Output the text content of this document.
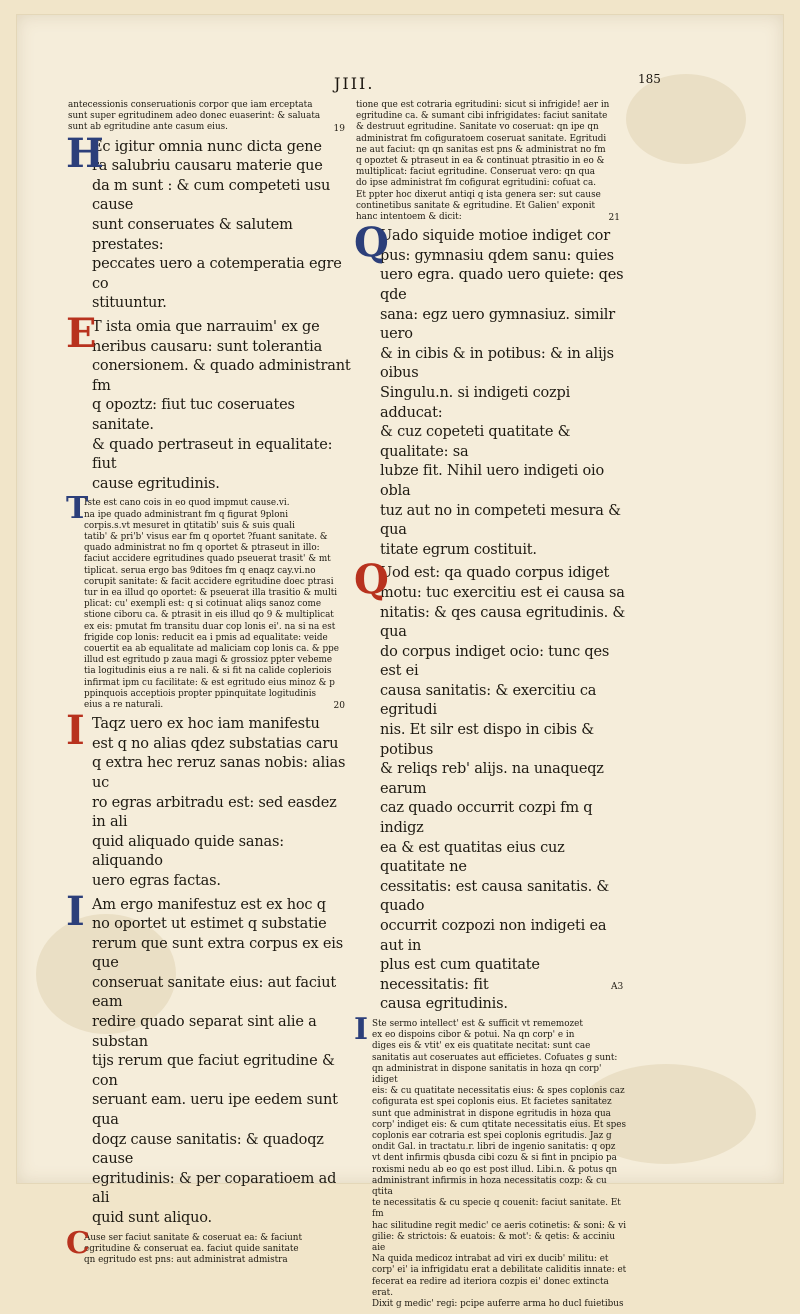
JIII.	185

antecessionis conseruationis corpor que iam erceptata
sunt super egritudinem adeo donec euaserint: & saluata
sunt ab egritudine ante casum eius.	19
H

Ec igitur omnia nunc dicta gene
ra salubriu causaru materie que
da m sunt : & cum competeti usu cause
sunt conseruates & salutem prestates:
peccates uero a cotemperatia egre co
stituuntur.

E

T ista omia que narrauim' ex ge
neribus causaru: sunt tolerantia
conersionem. & quado administrant fm
q opoztz: fiut tuc coseruates sanitate.
& quado pertraseut in equalitate: fiut
cause egritudinis.

T

Iste est cano cois in eo quod impmut cause.vi.
na ipe quado administrant fm q figurat 9ploni
corpis.s.vt mesuret in qtitatib' suis & suis quali
tatib' & pri'b' visus ear fm q oportet ?fuant sanitate. &
quado administrat no fm q oportet & ptraseut in illo:
faciut accidere egritudines quado pseuerat trasit' & mt
tiplicat. serua ergo bas 9ditoes fm q enaqz cay.vi.no
corupit sanitate: & facit accidere egritudine doec ptrasi
tur in ea illud qo oportet: & pseuerat illa trasitio & multi
plicat: cu' exempli est: q si cotinuat aliqs sanoz come
stione ciboru ca. & ptrasit in eis illud qo 9 & multiplicat
ex eis: pmutat fm transitu duar cop lonis ei'. na si na est
frigide cop lonis: reducit ea i pmis ad equalitate: veide
couertit ea ab equalitate ad maliciam cop lonis ca. & ppe
illud est egritudo p zaua magi & grossioz ppter vebeme
tia logitudinis eius a re nali. & si fit na calide copleriois
infirmat ipm cu facilitate: & est egritudo eius minoz & p
ppinquois acceptiois propter ppinquitate logitudinis
eius a re naturali.	20
I Taqz uero ex hoc iam manifestu
est q no alias qdez substatias caru
q extra hec reruz sanas nobis: alias uc
ro egras arbitradu est: sed easdez in ali
quid aliquado quide sanas: aliquando
uero egras factas.

I Am ergo manifestuz est ex hoc q
no oportet ut estimet q substatie
rerum que sunt extra corpus ex eis que
conseruat sanitate eius: aut faciut eam
redire quado separat sint alie a substan
tijs rerum que faciut egritudine & con
seruant eam. ueru ipe eedem sunt qua
doqz cause sanitatis: & quadoqz cause
egritudinis: & per coparatioem ad ali
quid sunt aliquo.

C

Ause ser faciut sanitate & coseruat ea: & faciunt
egritudine & conseruat ea. faciut quide sanitate
qn egritudo est pns: aut administrat admistra

tione que est cotraria egritudini: sicut si infrigide! aer in
egritudine ca. & sumant cibi infrigidates: faciut sanitate
& destruut egritudine. Sanitate vo coseruat: qn ipe qn
administrat fm cofiguratoem coseruat sanitate. Egritudi
ne aut faciut: qn qn sanitas est pns & administrat no fm
q opoztet & ptraseut in ea & continuat ptrasitio in eo &
multiplicat: faciut egritudine. Conseruat vero: qn qua
do ipse administrat fm cofigurat egritudini: cofuat ca.
Et ppter hoc dixerut antiqi q ista genera ser: sut cause
continetibus sanitate & egritudine. Et Galien' exponit
hanc intentoem & dicit:	21
Q

Uado siquide motioe indiget cor
pus: gymnasiu qdem sanu: quies
uero egra. quado uero quiete: qes qde
sana: egz uero gymnasiuz. similr uero
& in cibis & in potibus: & in alijs oibus
Singulu.n. si indigeti cozpi adducat:
& cuz copeteti quatitate & qualitate: sa
lubze fit. Nihil uero indigeti oio obla
tuz aut no in competeti mesura & qua
titate egrum costituit.

Q

Uod est: qa quado corpus idiget
motu: tuc exercitiu est ei causa sa
nitatis: & qes causa egritudinis. & qua
do corpus indiget ocio: tunc qes est ei
causa sanitatis: & exercitiu ca egritudi
nis. Et silr est dispo in cibis & potibus
& reliqs reb' alijs. na unaqueqz earum
caz quado occurrit cozpi fm q indigz
ea & est quatitas eius cuz quatitate ne
cessitatis: est causa sanitatis. & quado
occurrit cozpozi non indigeti ea aut in
plus est cum quatitate necessitatis: fit
causa egritudinis.

I Ste sermo intellect' est & sufficit vt rememozet
ex eo dispoins cibor & potui. Na qn corp' e in
diges eis & vtit' ex eis quatitate necitat: sunt cae
sanitatis aut coseruates aut efficietes. Cofuates g sunt:
qn administrat in dispone sanitatis in hoza qn corp' idiget
eis: & cu quatitate necessitatis eius: & spes coplonis caz
cofigurata est spei coplonis eius. Et facietes sanitatez
sunt que administrat in dispone egritudis in hoza qua
corp' indiget eis: & cum qtitate necessitatis eius. Et spes
coplonis ear cotraria est spei coplonis egritudis. Jaz g
ondit Gal. in tractatu.r. libri de ingenio sanitatis: q opz
vt dent infirmis qbusda cibi cozu & si fint in pncipio pa
roxismi nedu ab eo qo est post illud. Libi.n. & potus qn
administrant infirmis in hoza necessitatis cozp: & cu qtita
te necessitatis & cu specie q couenit: faciut sanitate. Et fm
hac silitudine regit medic' ce aeris cotinetis: & soni: & vi
gilie: & strictois: & euatois: & mot': & qetis: & acciniu aie
Na quida medicoz intrabat ad viri ex ducib' militu: et
corp' ei' ia infrigidatu erat a debilitate caliditis innate: et
fecerat ea redire ad iteriora cozpis ei' donec extincta erat.
Dixit g medic' regi: pcipe auferre arma ho ducl fuietibus

A3
